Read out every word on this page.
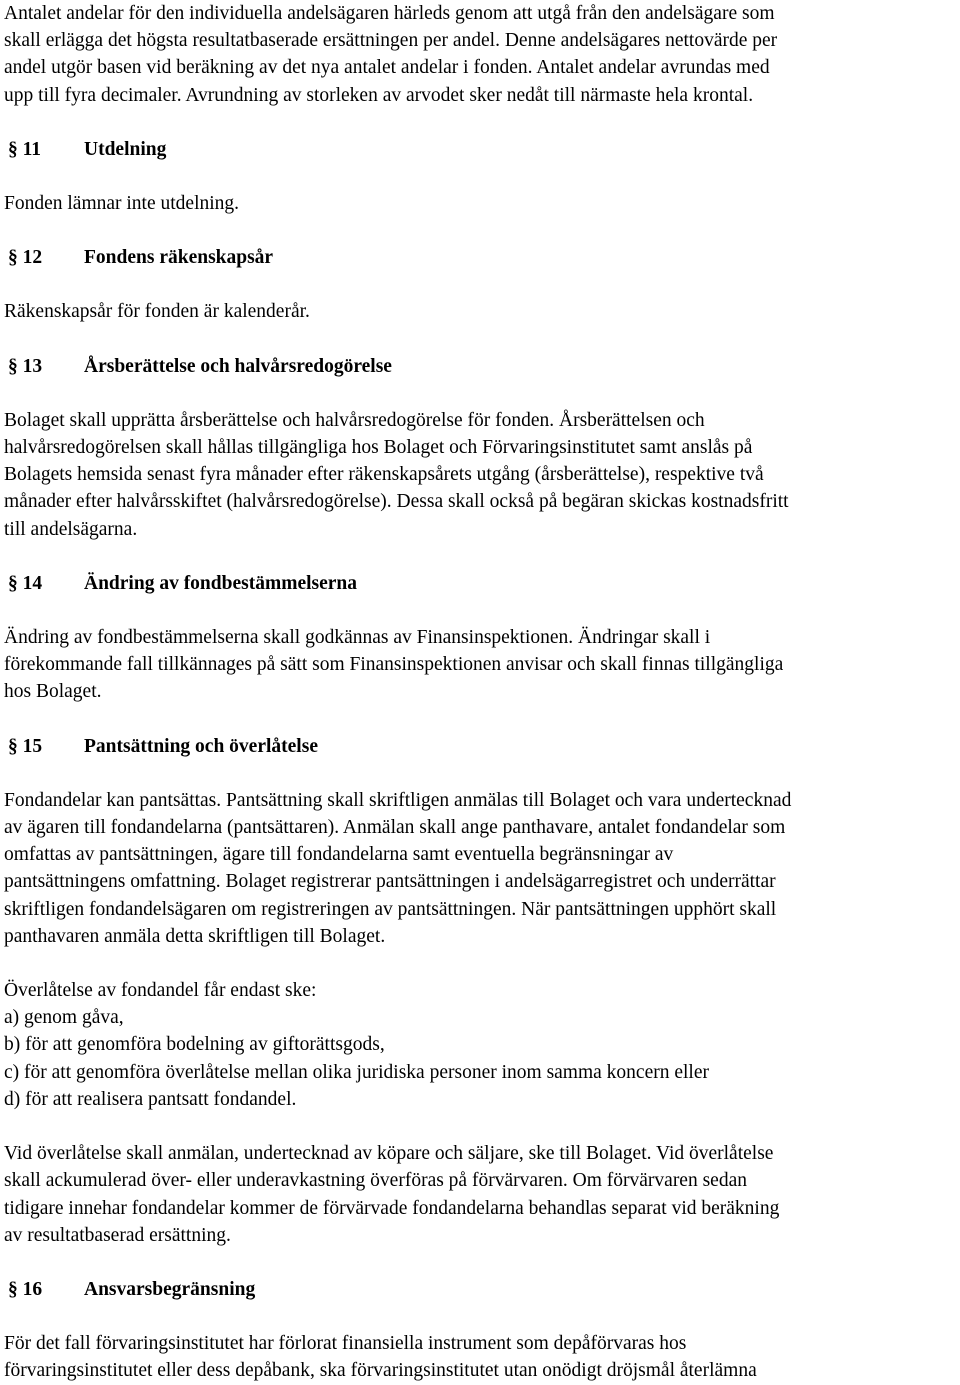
Antalet andelar för den individuella andelsägaren härleds genom att utgå från den andelsägare som
skall erlägga det högsta resultatbaserade ersättningen per andel. Denne andelsägares nettovärde per
andel utgör basen vid beräkning av det nya antalet andelar i fonden. Antalet andelar avrundas med
upp till fyra decimaler. Avrundning av storleken av arvodet sker nedåt till närmaste hela krontal.
§ 11	Utdelning
Fonden lämnar inte utdelning.
§ 12	Fondens räkenskapsår
Räkenskapsår för fonden är kalenderår.
§ 13	Årsberättelse och halvårsredogörelse
Bolaget skall upprätta årsberättelse och halvårsredogörelse för fonden. Årsberättelsen och
halvårsredogörelsen skall hållas tillgängliga hos Bolaget och Förvaringsinstitutet samt anslås på
Bolagets hemsida senast fyra månader efter räkenskapsårets utgång (årsberättelse), respektive två
månader efter halvårsskiftet (halvårsredogörelse). Dessa skall också på begäran skickas kostnadsfritt
till andelsägarna.
§ 14	Ändring av fondbestämmelserna
Ändring av fondbestämmelserna skall godkännas av Finansinspektionen. Ändringar skall i
förekommande fall tillkännages på sätt som Finansinspektionen anvisar och skall finnas tillgängliga
hos Bolaget.
§ 15	Pantsättning och överlåtelse
Fondandelar kan pantsättas. Pantsättning skall skriftligen anmälas till Bolaget och vara undertecknad
av ägaren till fondandelarna (pantsättaren). Anmälan skall ange panthavare, antalet fondandelar som
omfattas av pantsättningen, ägare till fondandelarna samt eventuella begränsningar av
pantsättningens omfattning. Bolaget registrerar pantsättningen i andelsägarregistret och underrättar
skriftligen fondandelsägaren om registreringen av pantsättningen. När pantsättningen upphört skall
panthavaren anmäla detta skriftligen till Bolaget.
Överlåtelse av fondandel får endast ske:
a) genom gåva,
b) för att genomföra bodelning av giftorättsgods,
c) för att genomföra överlåtelse mellan olika juridiska personer inom samma koncern eller
d) för att realisera pantsatt fondandel.
Vid överlåtelse skall anmälan, undertecknad av köpare och säljare, ske till Bolaget. Vid överlåtelse
skall ackumulerad över- eller underavkastning överföras på förvärvaren. Om förvärvaren sedan
tidigare innehar fondandelar kommer de förvärvade fondandelarna behandlas separat vid beräkning
av resultatbaserad ersättning.
§ 16	Ansvarsbegränsning
För det fall förvaringsinstitutet har förlorat finansiella instrument som depåförvaras hos
förvaringsinstitutet eller dess depåbank, ska förvaringsinstitutet utan onödigt dröjsmål återlämna
